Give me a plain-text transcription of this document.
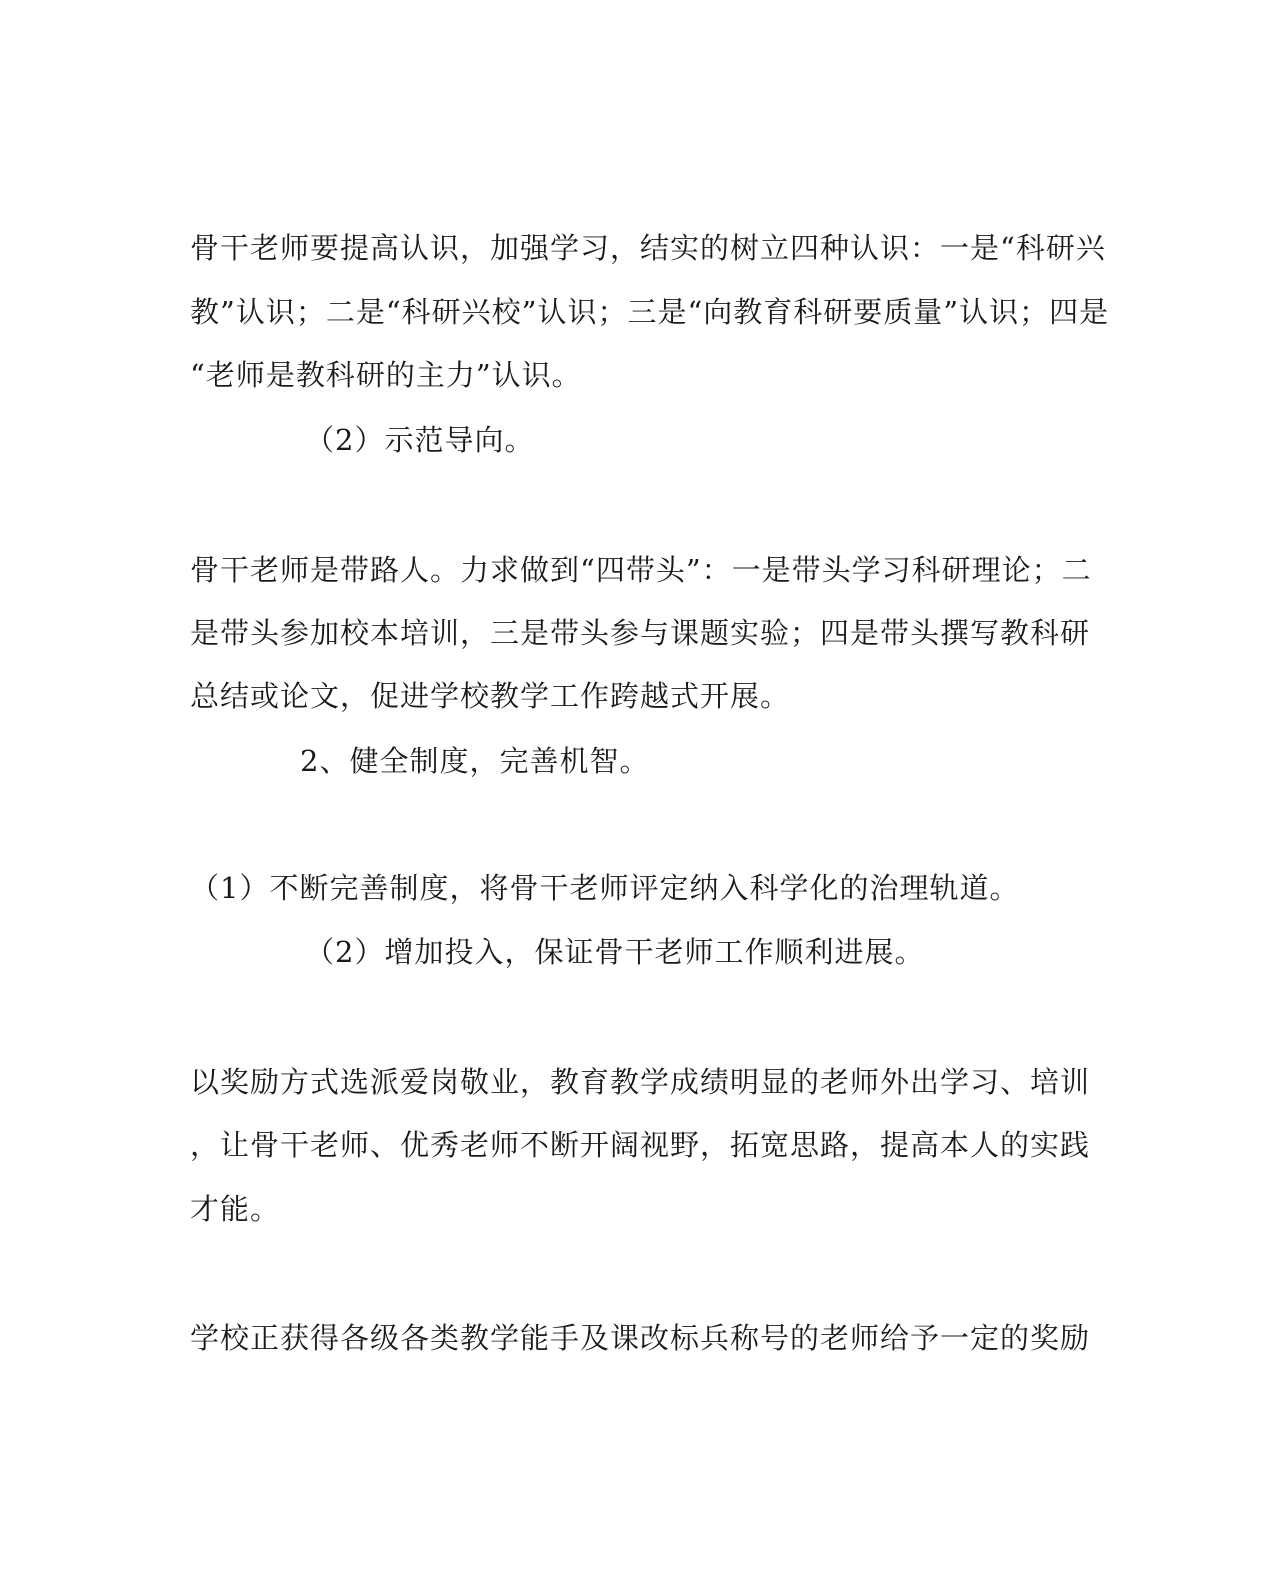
骨干老师要提高认识，加强学习，结实的树立四种认识：一是“科研兴
教”认识；二是“科研兴校”认识；三是“向教育科研要质量”认识；四是
“老师是教科研的主力”认识。
（2）示范导向。
骨干老师是带路人。力求做到“四带头”：一是带头学习科研理论；二
是带头参加校本培训，三是带头参与课题实验；四是带头撰写教科研
总结或论文，促进学校教学工作跨越式开展。
2、健全制度，完善机智。
（1）不断完善制度，将骨干老师评定纳入科学化的治理轨道。
（2）增加投入，保证骨干老师工作顺利进展。
以奖励方式选派爱岗敬业，教育教学成绩明显的老师外出学习、培训
，让骨干老师、优秀老师不断开阔视野，拓宽思路，提高本人的实践
才能。
学校正获得各级各类教学能手及课改标兵称号的老师给予一定的奖励
